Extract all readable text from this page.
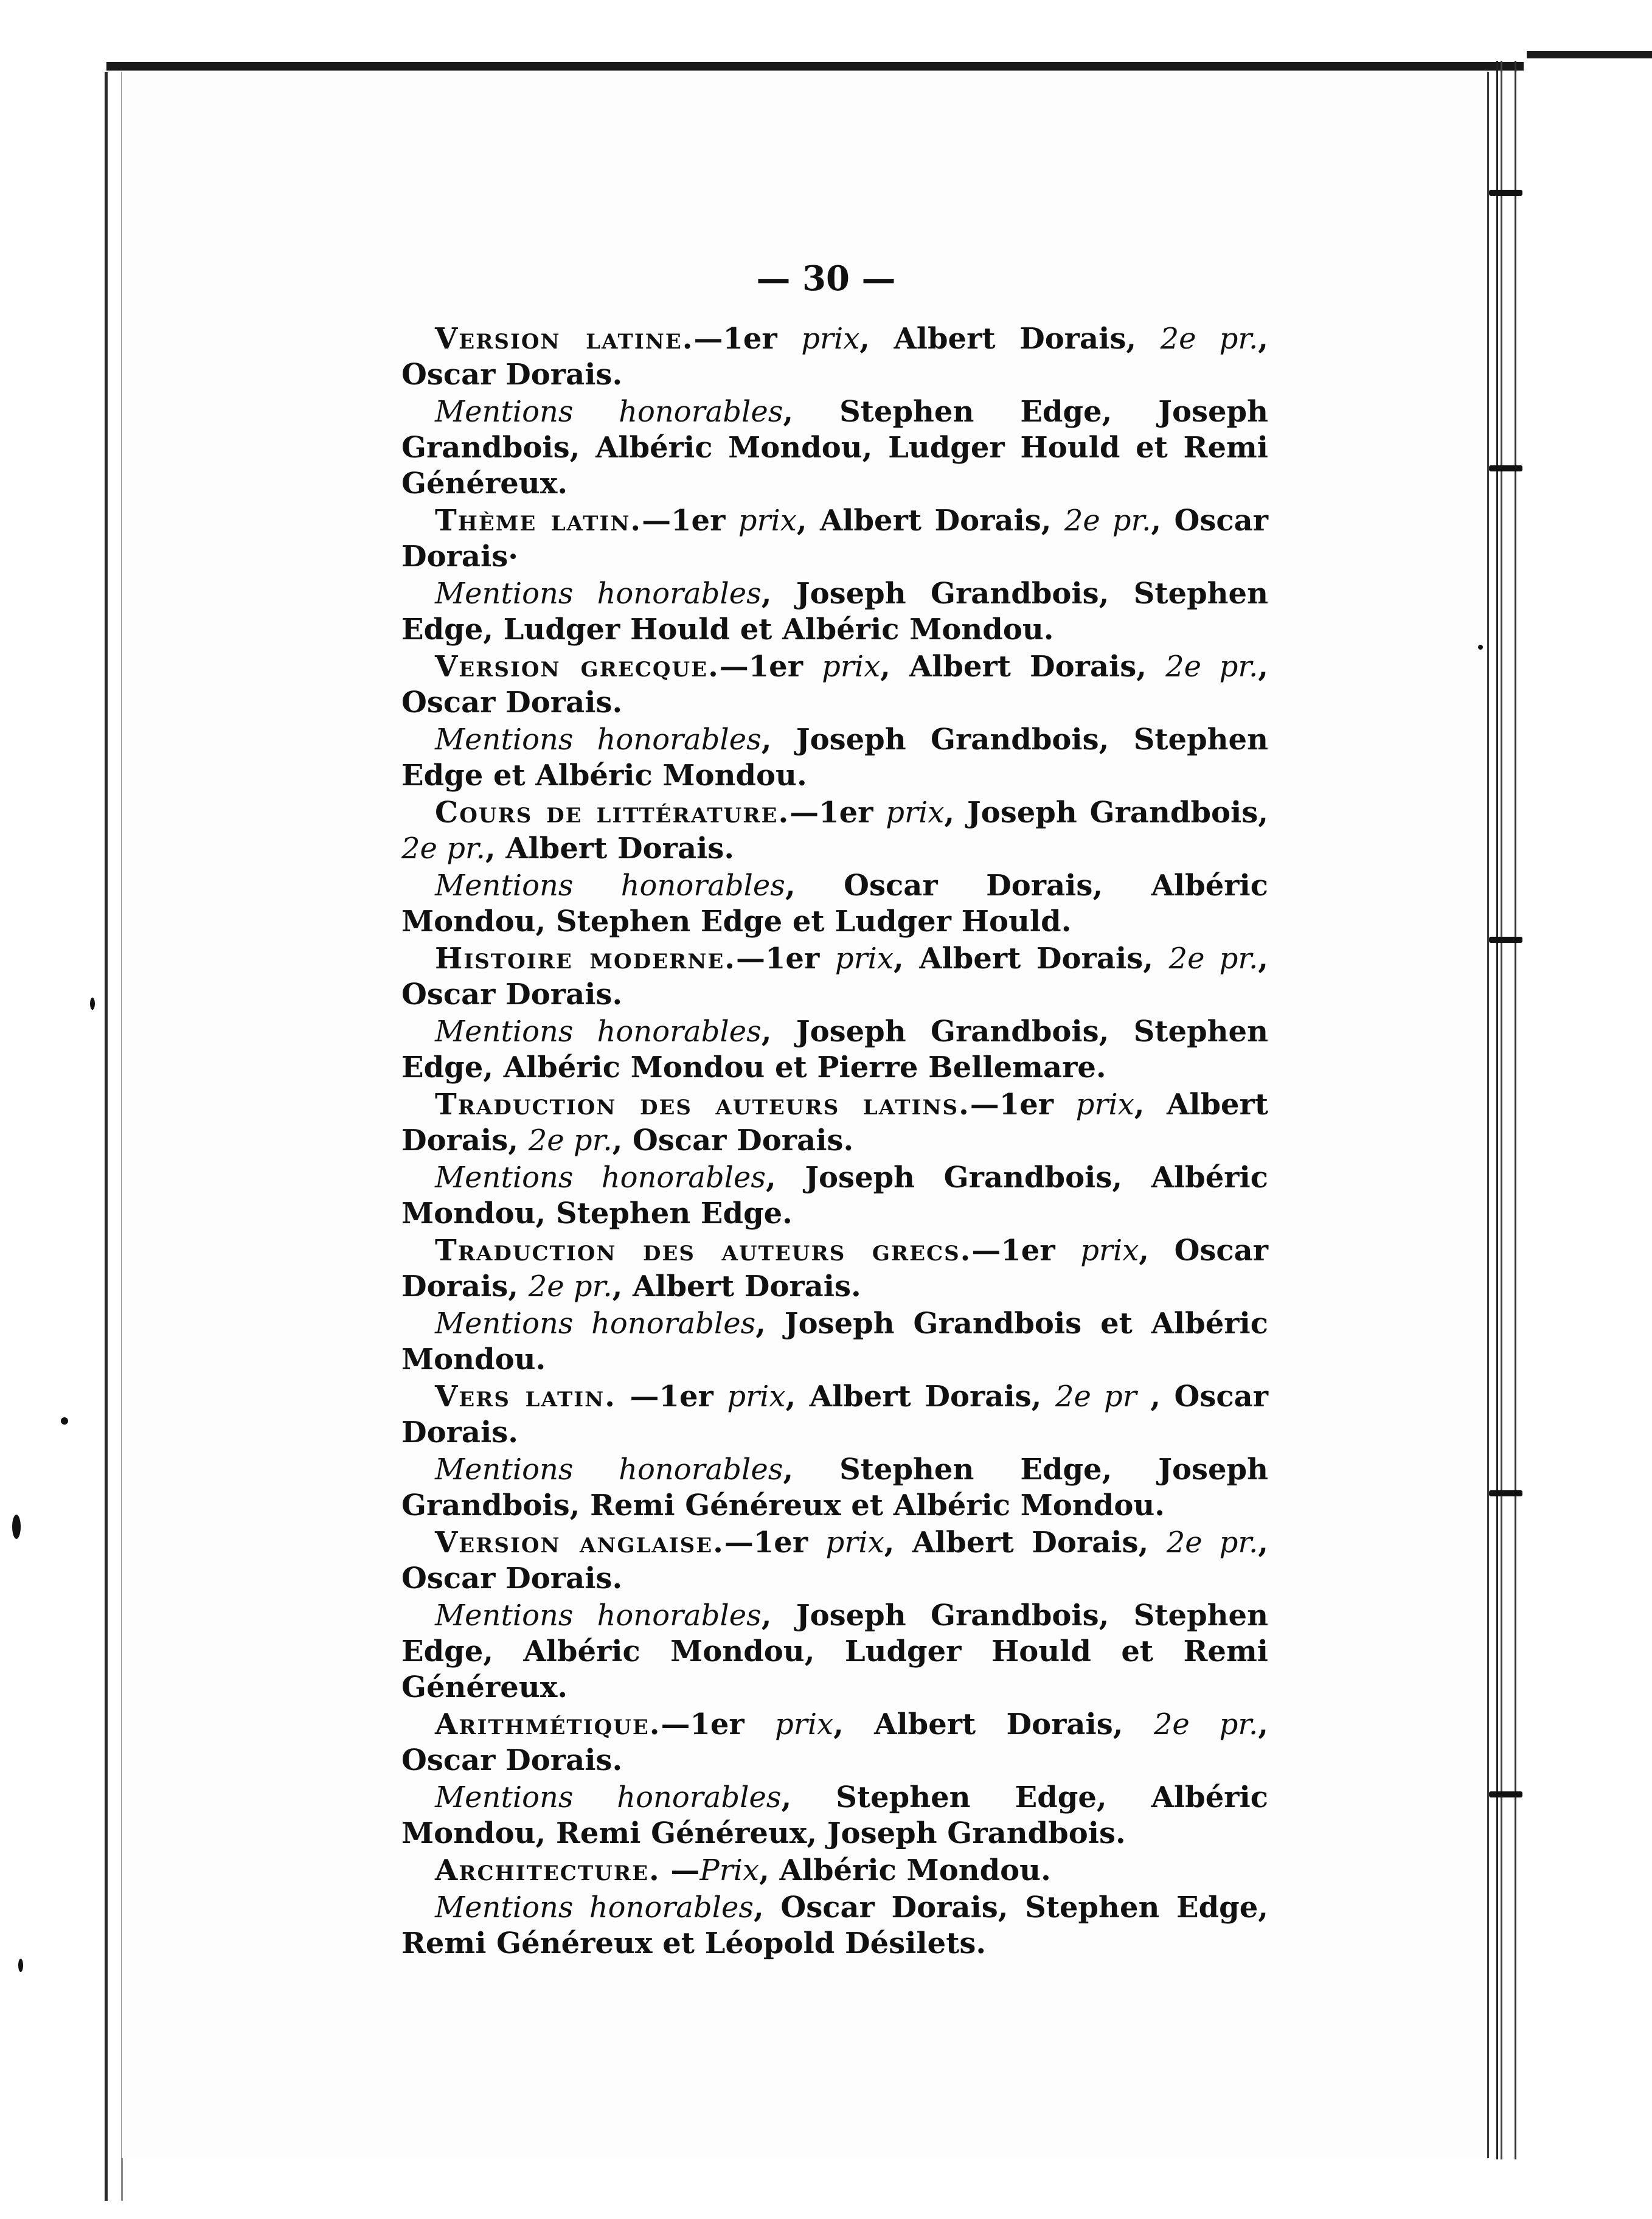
— 30 —

Version latine.—1er prix, Albert Dorais, 2e pr., Oscar Dorais.

Mentions honorables, Stephen Edge, Joseph Grandbois, Albéric Mondou, Ludger Hould et Remi Généreux.

Thème latin.—1er prix, Albert Dorais, 2e pr., Oscar Dorais·

Mentions honorables, Joseph Grandbois, Stephen Edge, Ludger Hould et Albéric Mondou.

Version grecque.—1er prix, Albert Dorais, 2e pr., Oscar Dorais.

Mentions honorables, Joseph Grandbois, Stephen Edge et Albéric Mondou.

Cours de littérature.—1er prix, Joseph Grandbois, 2e pr., Albert Dorais.

Mentions honorables, Oscar Dorais, Albéric Mondou, Stephen Edge et Ludger Hould.

Histoire moderne.—1er prix, Albert Dorais, 2e pr., Oscar Dorais.

Mentions honorables, Joseph Grandbois, Stephen Edge, Albéric Mondou et Pierre Bellemare.

Traduction des auteurs latins.—1er prix, Albert Dorais, 2e pr., Oscar Dorais.

Mentions honorables, Joseph Grandbois, Albéric Mondou, Stephen Edge.

Traduction des auteurs grecs.—1er prix, Oscar Dorais, 2e pr., Albert Dorais.

Mentions honorables, Joseph Grandbois et Albéric Mondou.

Vers latin. —1er prix, Albert Dorais, 2e pr , Oscar Dorais.

Mentions honorables, Stephen Edge, Joseph Grandbois, Remi Généreux et Albéric Mondou.

Version anglaise.—1er prix, Albert Dorais, 2e pr., Oscar Dorais.

Mentions honorables, Joseph Grandbois, Stephen Edge, Albéric Mondou, Ludger Hould et Remi Généreux.

Arithmétique.—1er prix, Albert Dorais, 2e pr., Oscar Dorais.

Mentions honorables, Stephen Edge, Albéric Mondou, Remi Généreux, Joseph Grandbois.

Architecture. —Prix, Albéric Mondou.

Mentions honorables, Oscar Dorais, Stephen Edge, Remi Généreux et Léopold Désilets.
